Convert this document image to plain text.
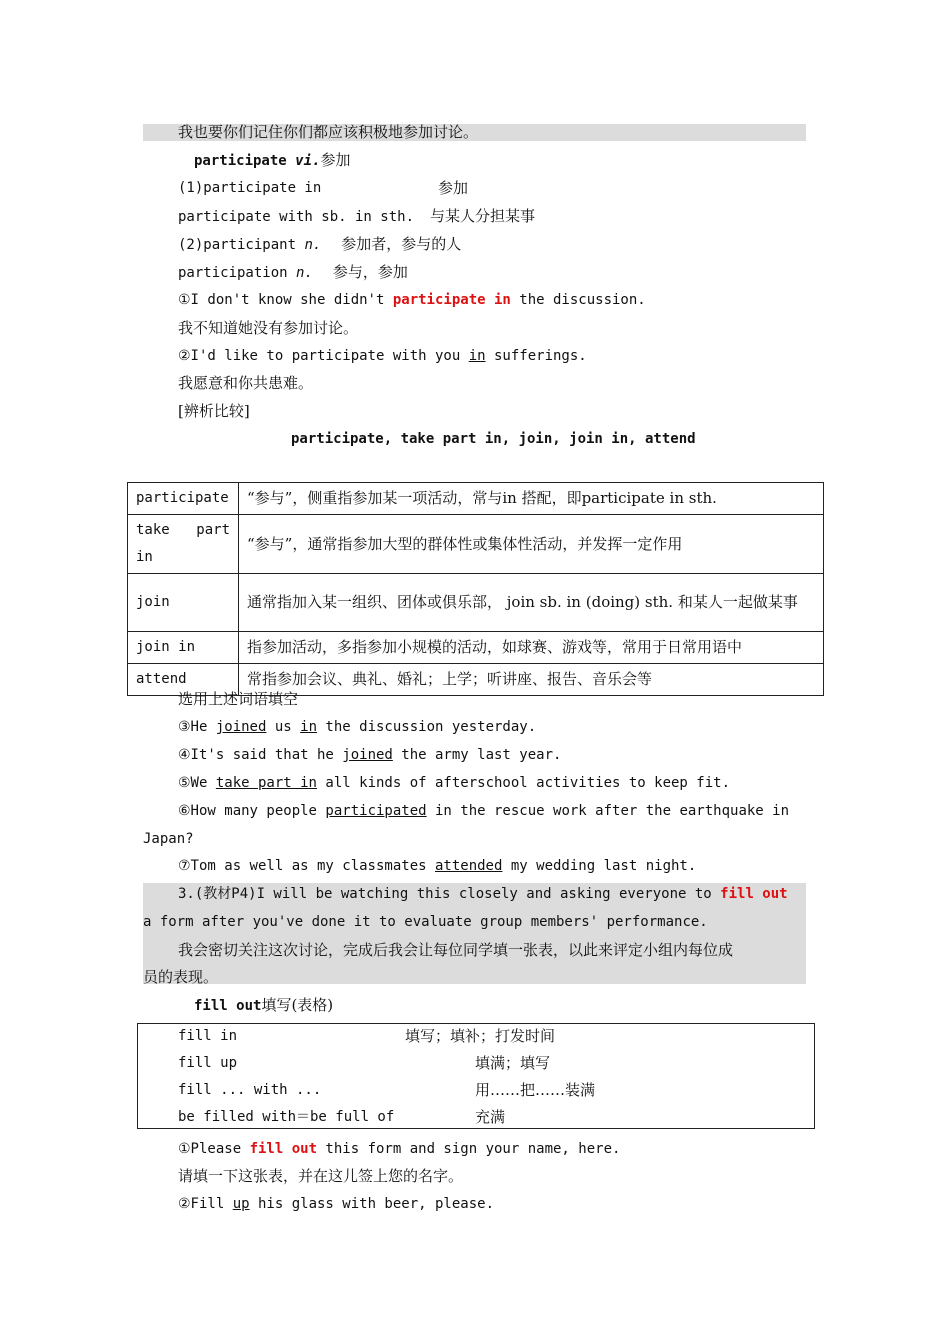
我也要你们记住你们都应该积极地参加讨论。
participate vi.参加
(1)participate in	参加
participate with sb. in sth. 与某人分担某事
(2)participant n. 参加者，参与的人
participation n. 参与，参加
①I don't know she didn't participate in the discussion.
我不知道她没有参加讨论。
②I'd like to participate with you in sufferings.
我愿意和你共患难。
[辨析比较]
participate, take part in, join, join in, attend
participate	“参与”，侧重指参加某一项活动，常与in 搭配，即participate in sth.
take part in	“参与”，通常指参加大型的群体性或集体性活动，并发挥一定作用
join	通常指加入某一组织、团体或俱乐部， join sb. in (doing) sth. 和某人一起做某事
join in	指参加活动，多指参加小规模的活动，如球赛、游戏等，常用于日常用语中
attend	常指参加会议、典礼、婚礼；上学；听讲座、报告、音乐会等
选用上述词语填空
③He joined us in the discussion yesterday.
④It's said that he joined the army last year.
⑤We take part in all kinds of afterschool activities to keep fit.
⑥How many people participated in the rescue work after the earthquake in
Japan?
⑦Tom as well as my classmates attended my wedding last night.
3.(教材P4)I will be watching this closely and asking everyone to fill out
a form after you've done it to evaluate group members' performance.
我会密切关注这次讨论，完成后我会让每位同学填一张表，以此来评定小组内每位成
员的表现。
fill out填写(表格)
fill in	填写；填补；打发时间
fill up	填满；填写
fill ... with ...	用……把……装满
be filled with＝be full of	充满
①Please fill out this form and sign your name, here.
请填一下这张表，并在这儿签上您的名字。
②Fill up his glass with beer, please.
